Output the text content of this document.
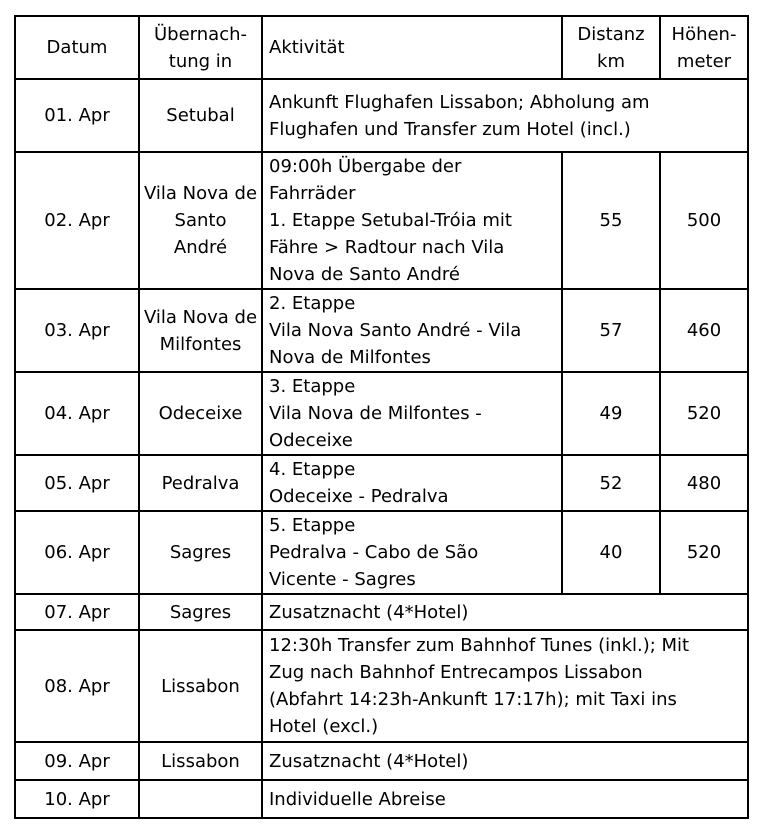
Datum	Übernach-
tung in	Aktivität	Distanz
km	Höhen-
meter
01. Apr	Setubal	Ankunft Flughafen Lissabon; Abholung am
Flughafen und Transfer zum Hotel (incl.)		
02. Apr	Vila Nova de
Santo
André	09:00h Übergabe der
Fahrräder
1. Etappe Setubal-Tróia mit
Fähre > Radtour nach Vila
Nova de Santo André	55	500
03. Apr	Vila Nova de
Milfontes	2. Etappe
Vila Nova Santo André - Vila
Nova de Milfontes	57	460
04. Apr	Odeceixe	3. Etappe
Vila Nova de Milfontes -
Odeceixe	49	520
05. Apr	Pedralva	4. Etappe
Odeceixe - Pedralva	52	480
06. Apr	Sagres	5. Etappe
Pedralva - Cabo de São
Vicente - Sagres	40	520
07. Apr	Sagres	Zusatznacht (4*Hotel)		
08. Apr	Lissabon	12:30h Transfer zum Bahnhof Tunes (inkl.); Mit
Zug nach Bahnhof Entrecampos Lissabon
(Abfahrt 14:23h-Ankunft 17:17h); mit Taxi ins
Hotel (excl.)		
09. Apr	Lissabon	Zusatznacht (4*Hotel)		
10. Apr		Individuelle Abreise		
